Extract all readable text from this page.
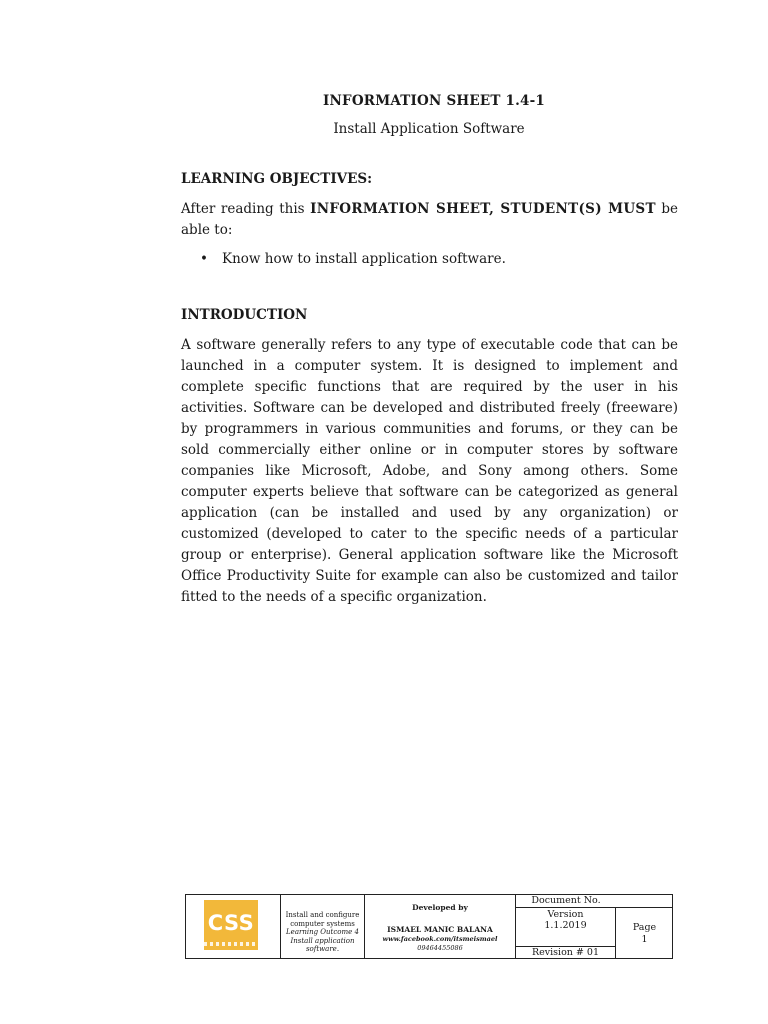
INFORMATION SHEET 1.4-1
Install Application Software
LEARNING OBJECTIVES:
After reading this INFORMATION SHEET, STUDENT(S) MUST be able to:
• Know how to install application software.
INTRODUCTION
A software generally refers to any type of executable code that can be launched in a computer system. It is designed to implement and complete specific functions that are required by the user in his activities. Software can be developed and distributed freely (freeware) by programmers in various communities and forums, or they can be sold commercially either online or in computer stores by software companies like Microsoft, Adobe, and Sony among others. Some computer experts believe that software can be categorized as general application (can be installed and used by any organization) or customized (developed to cater to the specific needs of a particular group or enterprise). General application software like the Microsoft Office Productivity Suite for example can also be customized and tailor fitted to the needs of a specific organization.
CSS	Install and configure
computer systems
Learning Outcome 4
Install application
software.
Developed by
ISMAEL MANIC BALANA
www.facebook.com/itsmeismael
09464455086
Document No.
Version
1.1.2019
Revision # 01
Page
1
